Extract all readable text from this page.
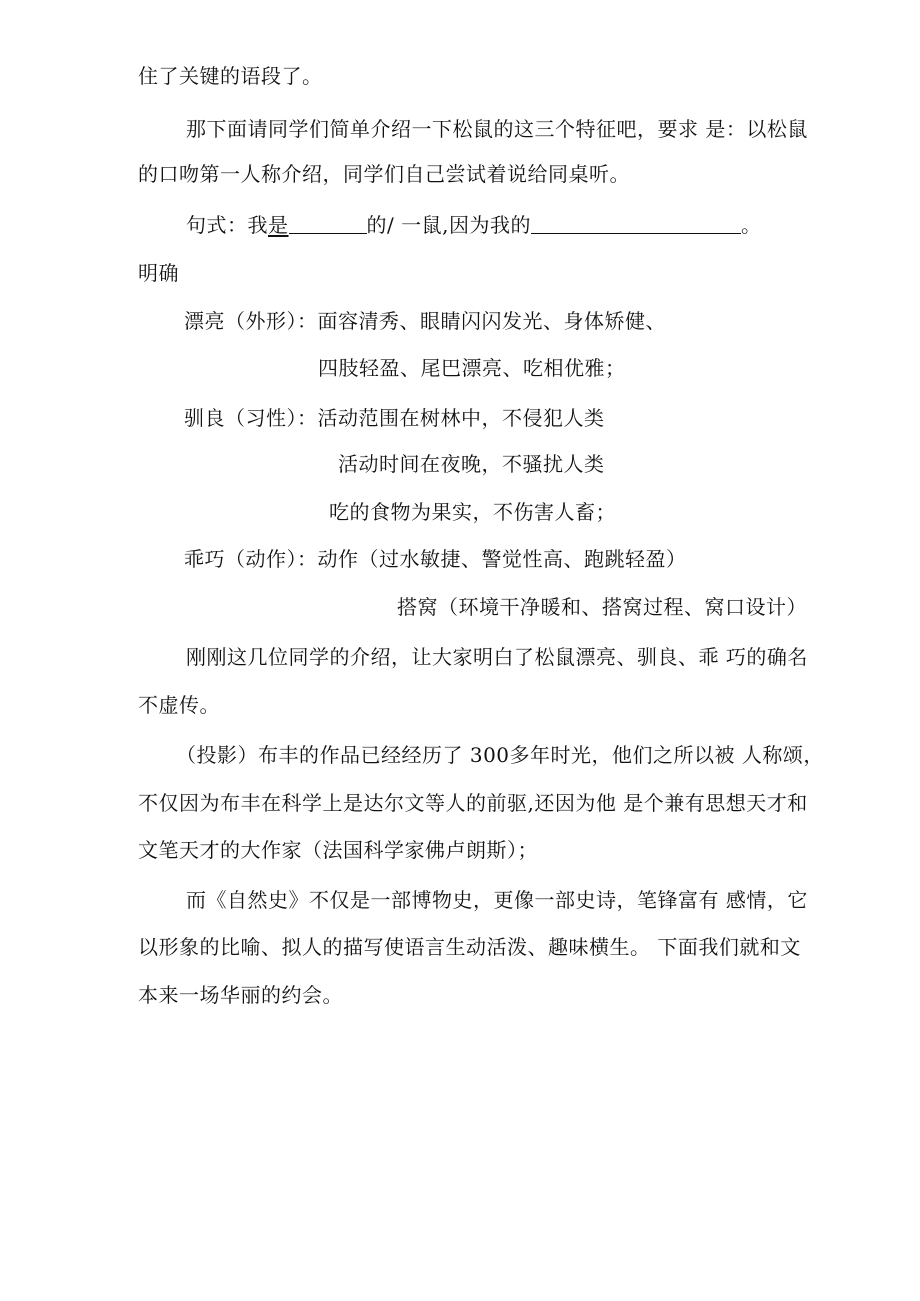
住了关键的语段了。
那下面请同学们简单介绍一下松鼠的这三个特征吧，要求 是：以松鼠
的口吻第一人称介绍，同学们自己尝试着说给同桌听。
句式：我是	的/ 一鼠,因为我的	。
明确
漂亮（外形）：面容清秀、眼睛闪闪发光、身体矫健、
四肢轻盈、尾巴漂亮、吃相优雅；
驯良（习性）：活动范围在树林中，不侵犯人类
活动时间在夜晚，不骚扰人类
吃的食物为果实，不伤害人畜；
乖巧（动作）：动作（过水敏捷、警觉性高、跑跳轻盈）
搭窝（环境干净暖和、搭窝过程、窝口设计）
刚刚这几位同学的介绍，让大家明白了松鼠漂亮、驯良、乖 巧的确名
不虚传。
（投影）布丰的作品已经经历了 300多年时光，他们之所以被 人称颂，
不仅因为布丰在科学上是达尔文等人的前驱,还因为他 是个兼有思想天才和
文笔天才的大作家（法国科学家佛卢朗斯）；
而《自然史》不仅是一部博物史，更像一部史诗，笔锋富有 感情，它
以形象的比喻、拟人的描写使语言生动活泼、趣味横生。 下面我们就和文
本来一场华丽的约会。
